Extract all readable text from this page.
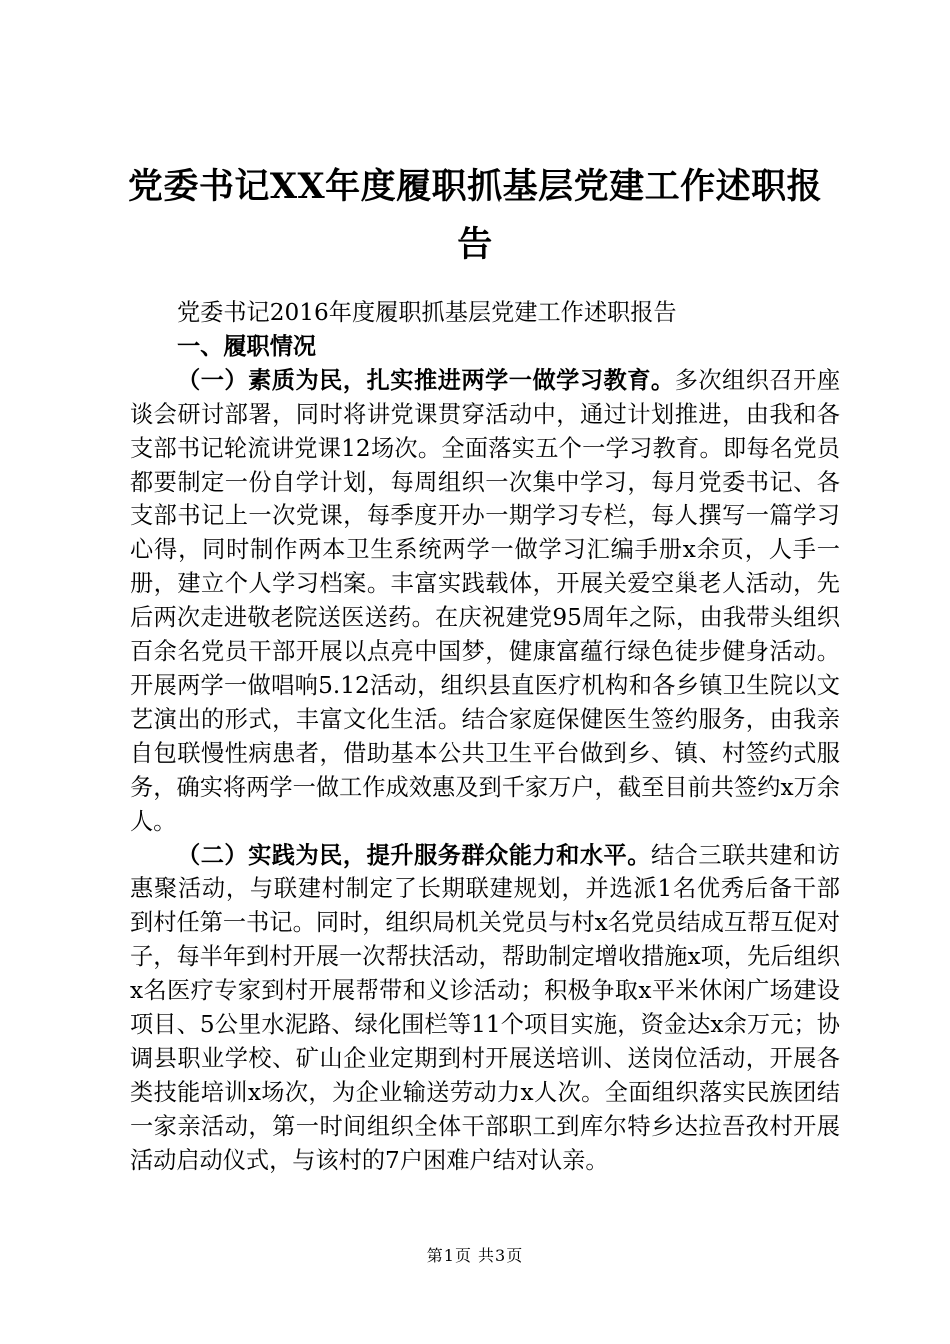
党委书记XX年度履职抓基层党建工作述职报告

党委书记2016年度履职抓基层党建工作述职报告

一、履职情况

（一）素质为民，扎实推进两学一做学习教育。多次组织召开座谈会研讨部署，同时将讲党课贯穿活动中，通过计划推进，由我和各支部书记轮流讲党课12场次。全面落实五个一学习教育。即每名党员都要制定一份自学计划，每周组织一次集中学习，每月党委书记、各支部书记上一次党课，每季度开办一期学习专栏，每人撰写一篇学习心得，同时制作两本卫生系统两学一做学习汇编手册x余页，人手一册，建立个人学习档案。丰富实践载体，开展关爱空巢老人活动，先后两次走进敬老院送医送药。在庆祝建党95周年之际，由我带头组织百余名党员干部开展以点亮中国梦，健康富蕴行绿色徒步健身活动。开展两学一做唱响5.12活动，组织县直医疗机构和各乡镇卫生院以文艺演出的形式，丰富文化生活。结合家庭保健医生签约服务，由我亲自包联慢性病患者，借助基本公共卫生平台做到乡、镇、村签约式服务，确实将两学一做工作成效惠及到千家万户，截至目前共签约x万余人。

（二）实践为民，提升服务群众能力和水平。结合三联共建和访惠聚活动，与联建村制定了长期联建规划，并选派1名优秀后备干部到村任第一书记。同时，组织局机关党员与村x名党员结成互帮互促对子，每半年到村开展一次帮扶活动，帮助制定增收措施x项，先后组织x名医疗专家到村开展帮带和义诊活动；积极争取x平米休闲广场建设项目、5公里水泥路、绿化围栏等11个项目实施，资金达x余万元；协调县职业学校、矿山企业定期到村开展送培训、送岗位活动，开展各类技能培训x场次，为企业输送劳动力x人次。全面组织落实民族团结一家亲活动，第一时间组织全体干部职工到库尔特乡达拉吾孜村开展活动启动仪式，与该村的7户困难户结对认亲。

第1页 共3页
